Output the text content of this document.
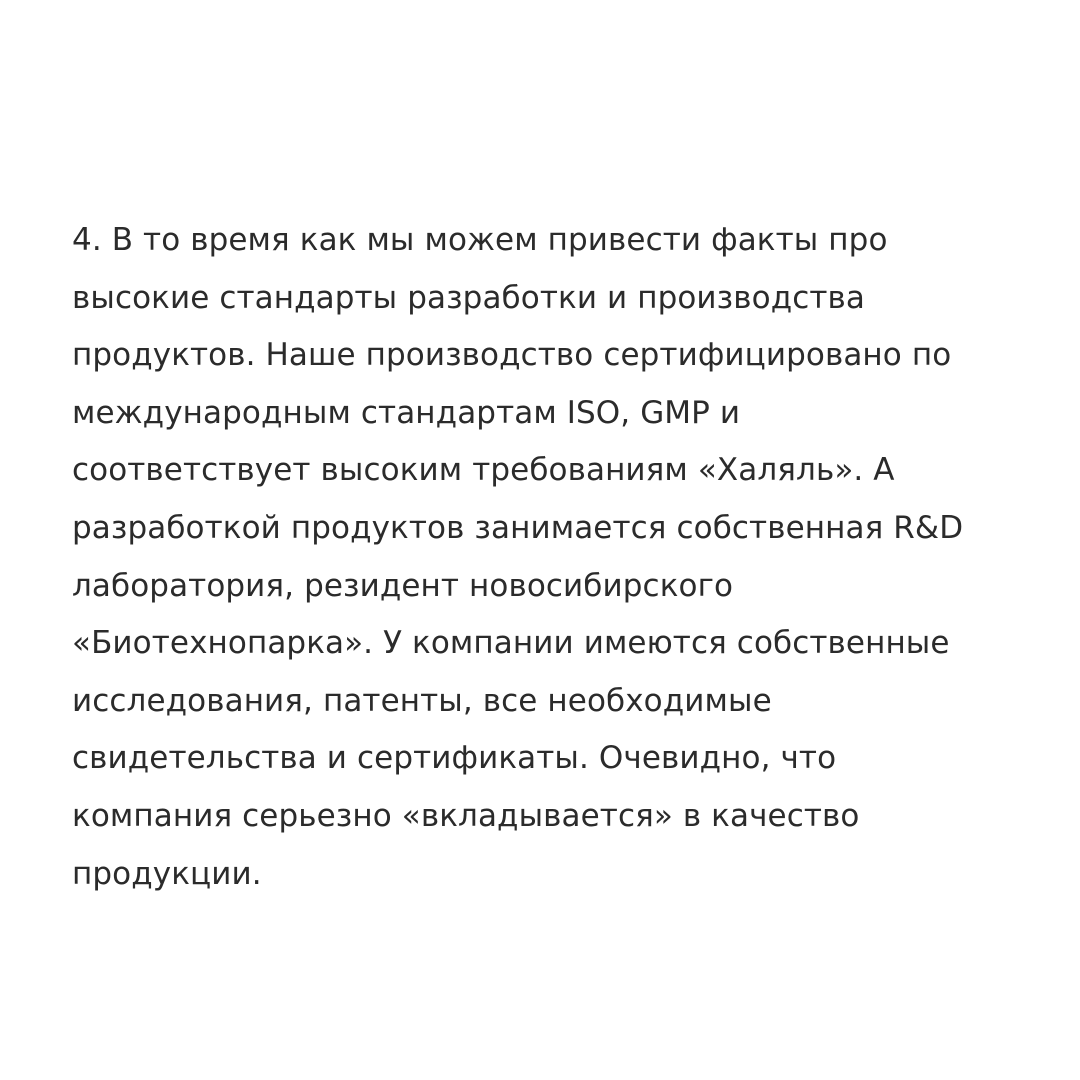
4. В то время как мы можем привести факты про
высокие стандарты разработки и производства
продуктов. Наше производство сертифицировано по
международным стандартам ISO, GMP и
соответствует высоким требованиям «Халяль». А
разработкой продуктов занимается собственная R&D
лаборатория, резидент новосибирского
«Биотехнопарка». У компании имеются собственные
исследования, патенты, все необходимые
свидетельства и сертификаты. Очевидно, что
компания серьезно «вкладывается» в качество
продукции.
